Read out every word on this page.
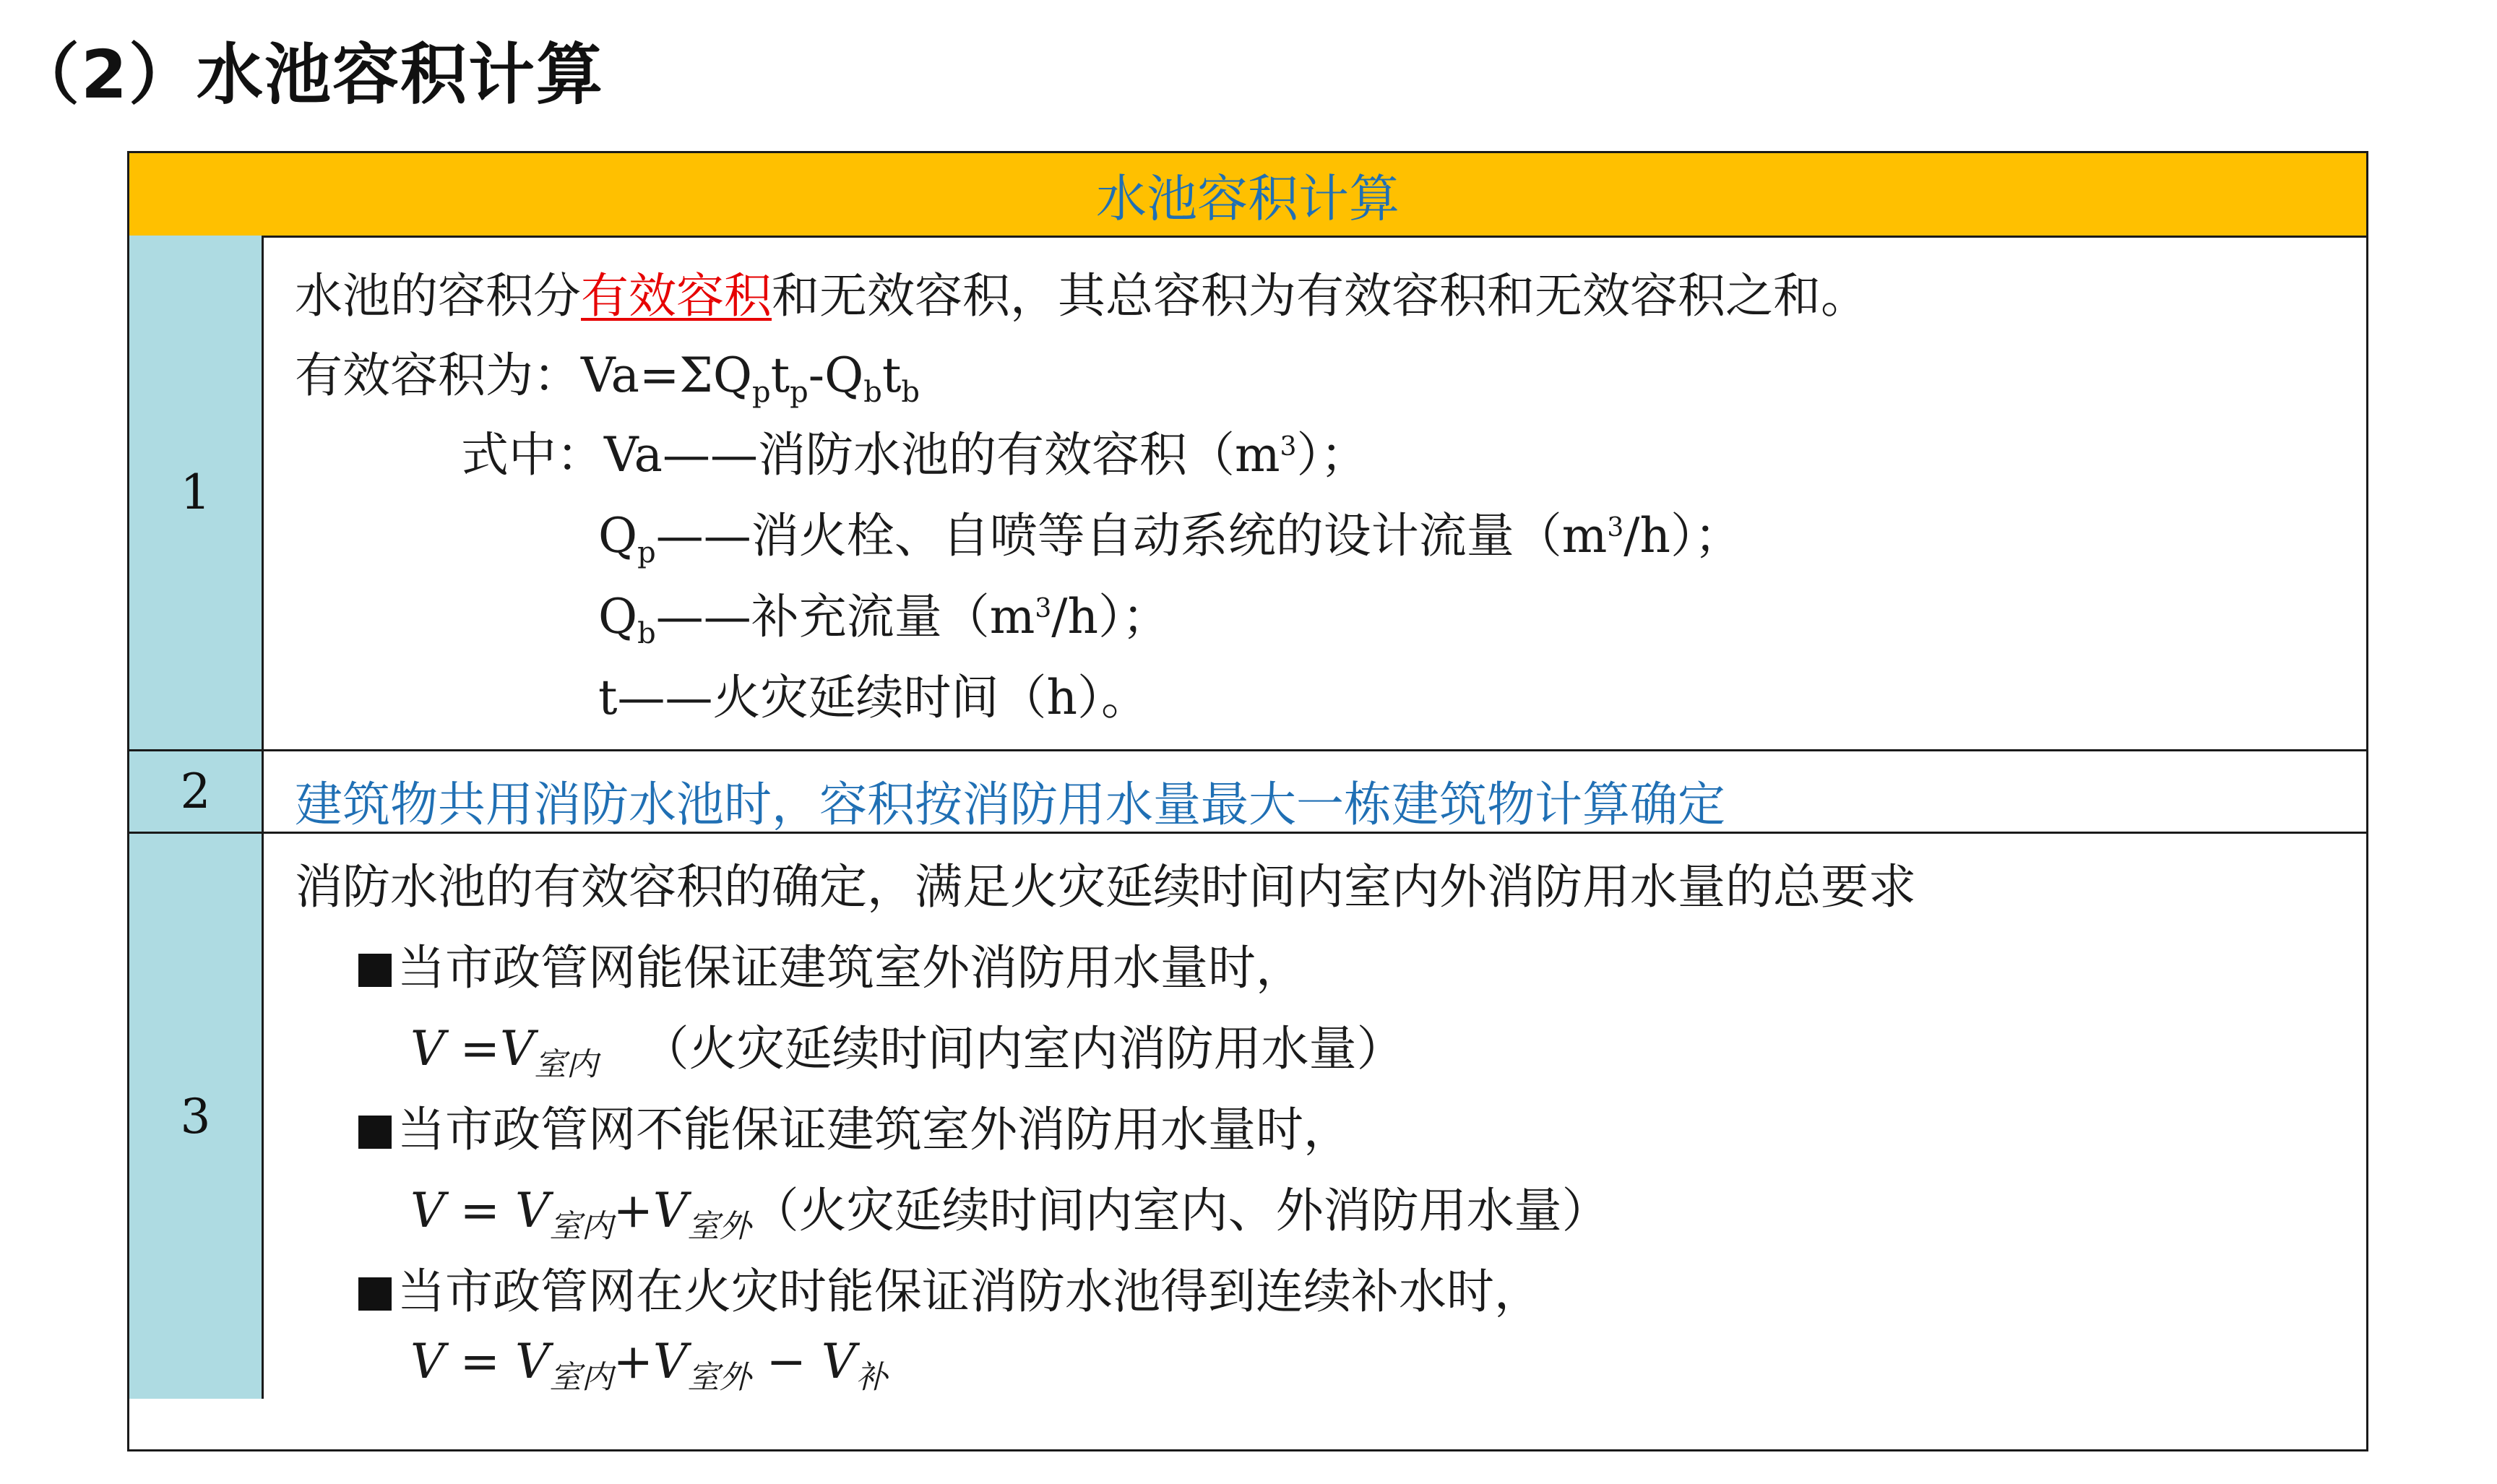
（2）水池容积计算
水池容积计算
1
水池的容积分有效容积和无效容积，其总容积为有效容积和无效容积之和。
有效容积为：$Va=\Sigma Q_pt_p-Q_bt_b$
式中：Va——消防水池的有效容积$(m^3)$；
$Q_p——$消火栓、自喷等自动系统的设计流量$(m^3/h)$；
$Q_b——$补充流量$(m^3/h)$；
t——火灾延续时间（h）。
2	建筑物共用消防水池时，容积按消防用水量最大一栋建筑物计算确定
3
消防水池的有效容积的确定，满足火灾延续时间内室内外消防用水量的总要求
当市政管网能保证建筑室外消防用水量时，
$V =V_{室内}$ （火灾延续时间内室内消防用水量）
当市政管网不能保证建筑室外消防用水量时，
$V = V_{室内}+V_{室外}$（火灾延续时间内室内、外消防用水量）
当市政管网在火灾时能保证消防水池得到连续补水时，
$V = V_{室内}+V_{室外} - V_补$
